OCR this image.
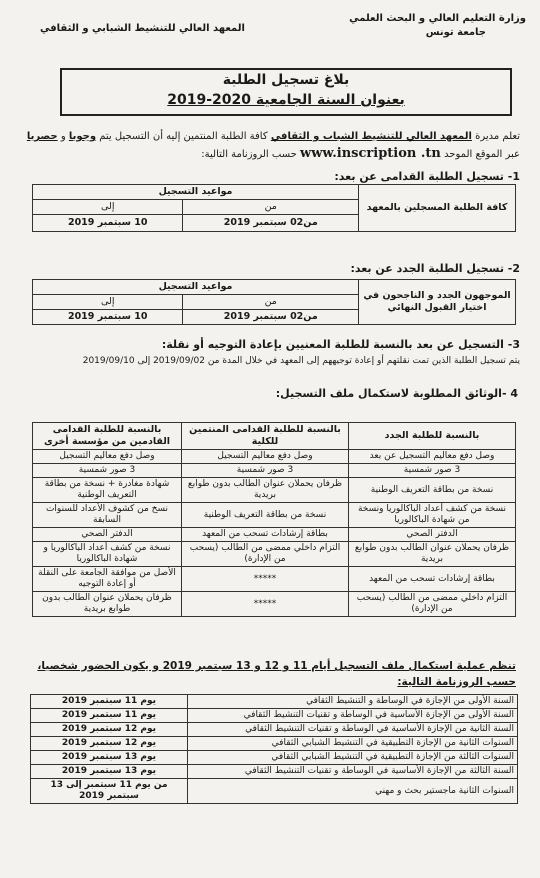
وزارة التعليم العالي و البحث العلمي
جامعة تونس
المعهد العالي للتنشيط الشبابي و الثقافي
بلاغ تسجيل الطلبة
بعنوان السنة الجامعية 2020-2019
تعلم مديرة المعهد العالي للتنشيط الشباب و الثقافي كافة الطلبة المنتمين إليه أن التسجيل يتم وجوبا و حصريا
عبر الموقع الموحد www.inscription .tn حسب الروزنامة التالية:
1- تسجيل الطلبة القدامى عن بعد:
كافة الطلبة المسجلين بالمعهد	مواعيد التسجيل	
	من	إلى
	من02 سبتمبر 2019	10 سبتمبر 2019
2- تسجيل الطلبة الجدد عن بعد:
الموجهون الجدد و الناجحون في اختيار القبول النهائي	مواعيد التسجيل	
	من	إلى
	من02 سبتمبر 2019	10 سبتمبر 2019
3- التسجيل عن بعد بالنسبة للطلبة المعنيين بإعادة التوجيه أو نقلة:
يتم تسجيل الطلبة الذين تمت نقلتهم أو إعادة توجيههم إلى المعهد في خلال المدة من 2019/09/02 إلى 2019/09/10
4 -الوثائق المطلوبة لاستكمال ملف التسجيل:
بالنسبة للطلبة الجدد	بالنسبة للطلبة القدامى المنتمين للكلية	بالنسبة للطلبة القدامى القادمين من مؤسسة أخرى
وصل دفع معاليم التسجيل عن بعد	وصل دفع معاليم التسجيل	وصل دفع معاليم التسجيل
3 صور شمسية	3 صور شمسية	3 صور شمسية
نسخة من بطاقة التعريف الوطنية	ظرفان يحملان عنوان الطالب بدون طوابع بريدية	شهادة مغادرة + نسخة من بطاقة التعريف الوطنية
نسخة من كشف أعداد الباكالوريا ونسخة من شهادة الباكالوريا	نسخة من بطاقة التعريف الوطنية	نسخ من كشوف الأعداد للسنوات السابقة
الدفتر الصحي	بطاقة إرشادات تسحب من المعهد	الدفتر الصحي
ظرفان يحملان عنوان الطالب بدون طوابع بريدية	التزام داخلي ممضى من الطالب (يسحب من الإدارة)	نسخة من كشف أعداد الباكالوريا و شهادة الباكالوريا
بطاقة إرشادات تسحب من المعهد	*****	الأصل من موافقة الجامعة على النقلة أو إعادة التوجيه
التزام داخلي ممضى من الطالب (يسحب من الإدارة)	*****	ظرفان يحملان عنوان الطالب بدون طوابع بريدية
تنظم عملية استكمال ملف التسجيل أيام 11 و 12 و 13 سبتمبر 2019 و يكون الحضور شخصيا،
حسب الروزنامة التالية:
السنة الأولى من الإجازة في الوساطة و التنشيط الثقافي	يوم 11 سبتمبر 2019
السنة الأولى من الإجازة الأساسية في الوساطة و تقنيات التنشيط الثقافي	يوم 11 سبتمبر 2019
السنة الثانية من الإجازة الأساسية في الوساطة و تقنيات التنشيط الثقافي	يوم 12 سبتمبر 2019
السنوات الثانية من الإجازة التطبيقية في التنشيط الشبابي الثقافي	يوم 12 سبتمبر 2019
السنوات الثالثة من الإجازة التطبيقية في التنشيط الشبابي الثقافي	يوم 13 سبتمبر 2019
السنة الثالثة من الإجازة الأساسية في الوساطة و تقنيات التنشيط الثقافي	يوم 13 سبتمبر 2019
السنوات الثانية ماجستير بحث و مهني	من يوم 11 سبتمبر إلى 13 سبتمبر 2019
